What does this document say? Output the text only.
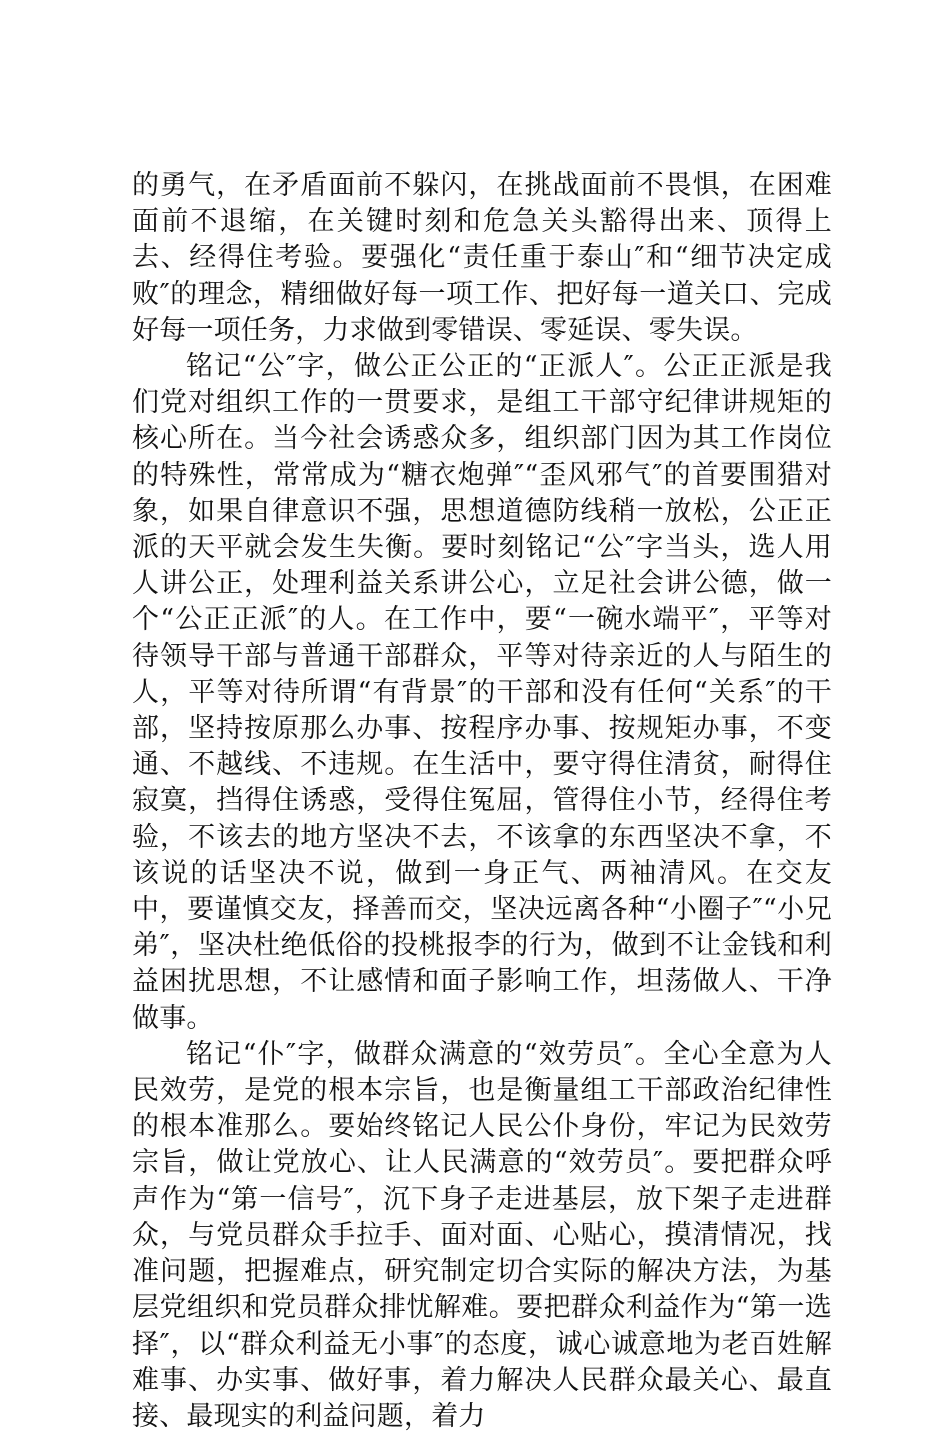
的勇气，在矛盾面前不躲闪，在挑战面前不畏惧，在困难面前不退缩，在关键时刻和危急关头豁得出来、顶得上去、经得住考验。要强化“责任重于泰山″和“细节决定成败″的理念，精细做好每一项工作、把好每一道关口、完成好每一项任务，力求做到零错误、零延误、零失误。

铭记“公″字，做公正公正的“正派人″。公正正派是我们党对组织工作的一贯要求，是组工干部守纪律讲规矩的核心所在。当今社会诱惑众多，组织部门因为其工作岗位的特殊性，常常成为“糖衣炮弹″“歪风邪气″的首要围猎对象，如果自律意识不强，思想道德防线稍一放松，公正正派的天平就会发生失衡。要时刻铭记“公″字当头，选人用人讲公正，处理利益关系讲公心，立足社会讲公德，做一个“公正正派″的人。在工作中，要“一碗水端平″，平等对待领导干部与普通干部群众，平等对待亲近的人与陌生的人，平等对待所谓“有背景″的干部和没有任何“关系″的干部，坚持按原那么办事、按程序办事、按规矩办事，不变通、不越线、不违规。在生活中，要守得住清贫，耐得住寂寞，挡得住诱惑，受得住冤屈，管得住小节，经得住考验，不该去的地方坚决不去，不该拿的东西坚决不拿，不该说的话坚决不说，做到一身正气、两袖清风。在交友中，要谨慎交友，择善而交，坚决远离各种“小圈子″“小兄弟″，坚决杜绝低俗的投桃报李的行为，做到不让金钱和利益困扰思想，不让感情和面子影响工作，坦荡做人、干净做事。

铭记“仆″字，做群众满意的“效劳员″。全心全意为人民效劳，是党的根本宗旨，也是衡量组工干部政治纪律性的根本准那么。要始终铭记人民公仆身份，牢记为民效劳宗旨，做让党放心、让人民满意的“效劳员″。要把群众呼声作为“第一信号″，沉下身子走进基层，放下架子走进群众，与党员群众手拉手、面对面、心贴心，摸清情况，找准问题，把握难点，研究制定切合实际的解决方法，为基层党组织和党员群众排忧解难。要把群众利益作为“第一选择″，以“群众利益无小事″的态度，诚心诚意地为老百姓解难事、办实事、做好事，着力解决人民群众最关心、最直接、最现实的利益问题，着力
